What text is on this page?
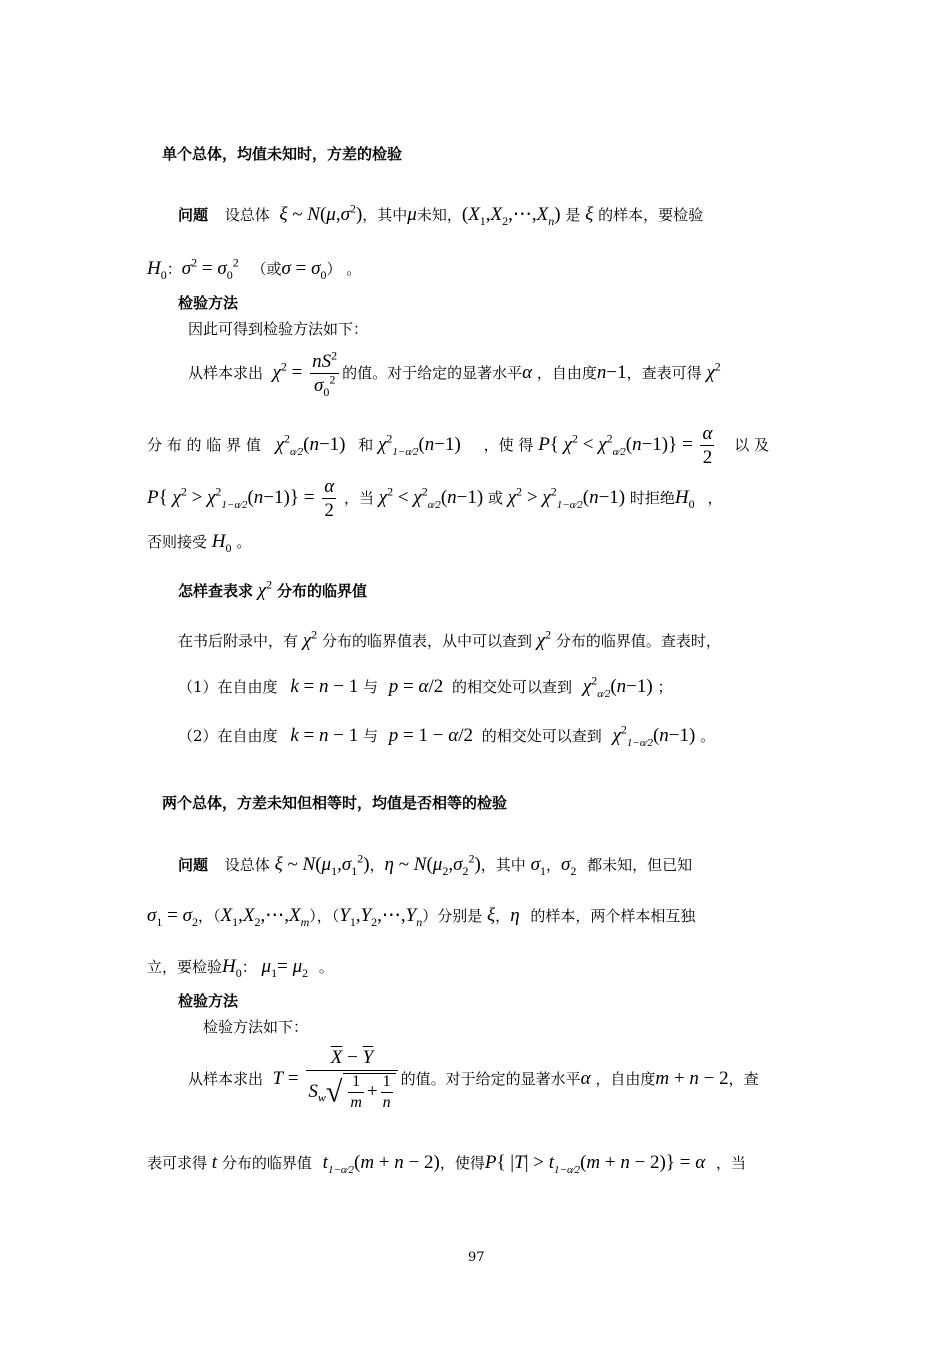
单个总体，均值未知时，方差的检验
问题 设总体 ξ ~ $N(\mu,\sigma^2)$，其中μ未知，$(X_1,X_2,\cdots,X_n)$ 是 ξ 的样本，要检验
$H_0$：$\sigma^2 = \sigma_0^2$ （或$\sigma = \sigma_0$） 。
检验方法
因此可得到检验方法如下：
从样本求出 $\chi^2 = \frac{nS^2}{\sigma_0^2}$ 的值。对于给定的显著水平α ，自由度n−1，查表可得 $\chi^2$
分 布 的 临 界 值 $\chi^2_{\alpha⁄2}(n-1)$ 和 $\chi^2_{1-\alpha⁄2}(n-1)$ ，使 得 P{ $\chi^2 < \chi^2_{\alpha⁄2}(n-1)\} = \frac{\alpha}{2}$ 以 及
P{ $\chi^2 > \chi^2_{1-\alpha⁄2}(n-1)\} = \frac{\alpha}{2}$ ，当 $\chi^2 < \chi^2_{\alpha⁄2}(n-1)$ 或 $\chi^2 > \chi^2_{1-\alpha⁄2}(n-1)$ 时拒绝$H_0$ ，
否则接受 $H_0$ 。
怎样查表求 $\chi^2$ 分布的临界值
在书后附录中，有 $\chi^2$ 分布的临界值表，从中可以查到 $\chi^2$ 分布的临界值。查表时，
（1）在自由度 k = n − 1 与 p = α/2 的相交处可以查到 $\chi^2_{\alpha⁄2}(n-1)$ ；
（2）在自由度 k = n − 1 与 p = 1 − α/2 的相交处可以查到 $\chi^2_{1-\alpha⁄2}(n-1)$ 。
两个总体，方差未知但相等时，均值是否相等的检验
问题 设总体 ξ ~ $N(\mu_1,\sigma_1^2)$，η ~ $N(\mu_2,\sigma_2^2)$，其中 $\sigma_1$，$\sigma_2$ 都未知，但已知
$\sigma_1 = \sigma_2$，$(X_1,X_2,\cdots,X_m)$，$(Y_1,Y_2,\cdots,Y_n)$分别是 ξ，η 的样本，两个样本相互独
立，要检验$H_0$： $\mu_1= \mu_2$ 。
检验方法
检验方法如下：
从样本求出 $T = \frac{\overline{X} - \overline{Y}}{S_w√ \frac{1}{m} + \frac{1}{n}}$ 的值。对于给定的显著水平α ，自由度m + n − 2，查
表可求得 t 分布的临界值 $t_{1-\alpha⁄2}(m + n - 2)$，使得P{ $|T| > t_{1-\alpha⁄2}(m + n - 2)\} = \alpha$ ，当
97
